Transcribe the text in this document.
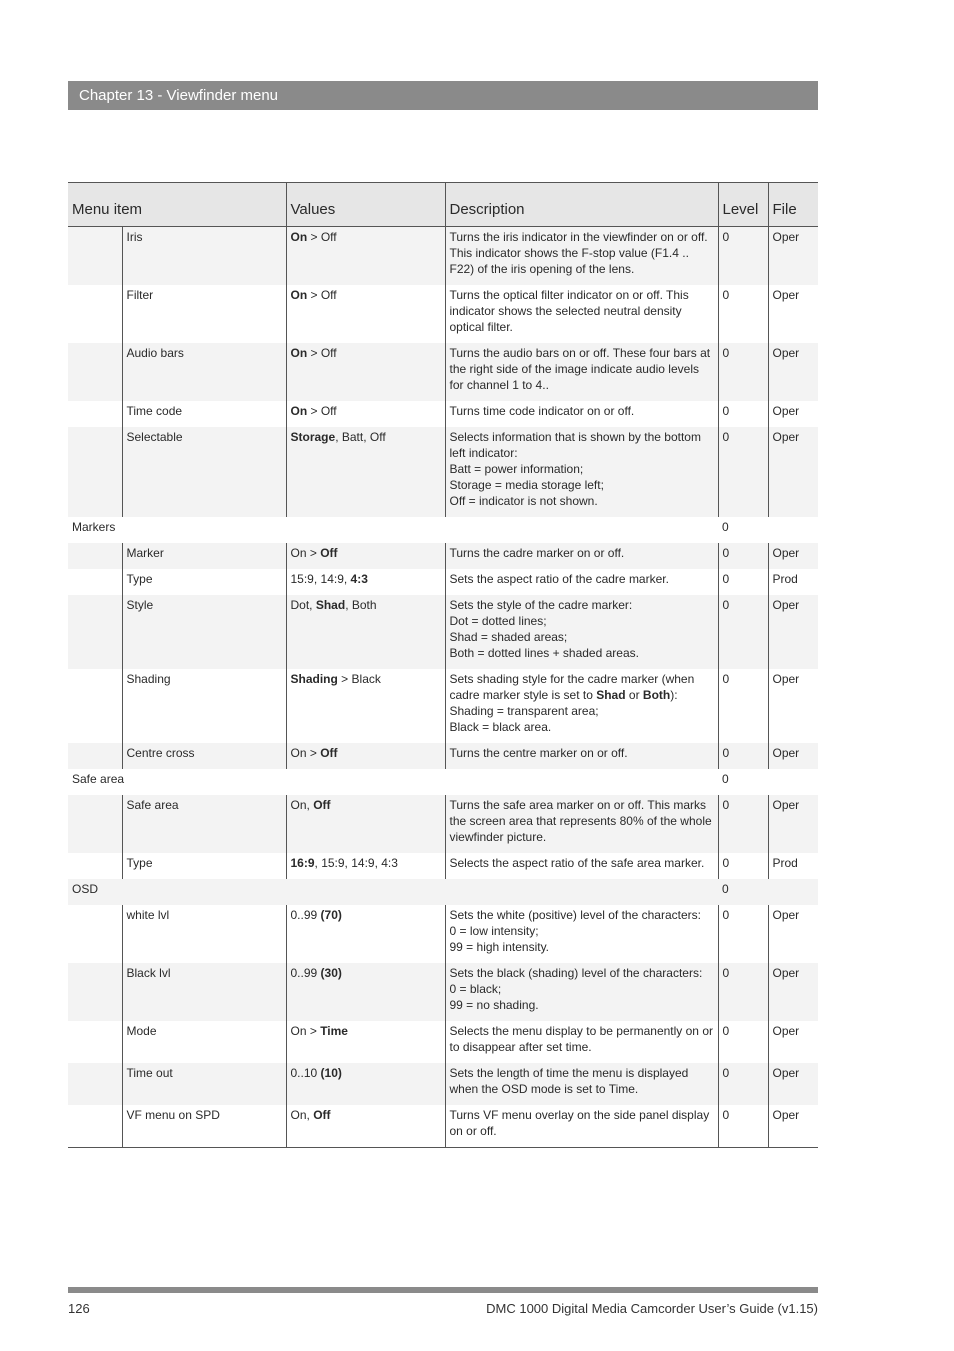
Chapter 13 - Viewfinder menu
Menu item		Values	Description	Level	File
	Iris	On > Off	Turns the iris indicator in the viewfinder on or off. This indicator shows the F-stop value (F1.4 .. F22) of the iris opening of the lens.	0	Oper
	Filter	On > Off	Turns the optical filter indicator on or off. This indicator shows the selected neutral density optical filter.	0	Oper
	Audio bars	On > Off	Turns the audio bars on or off. These four bars at the right side of the image indicate audio levels for channel 1 to 4..	0	Oper
	Time code	On > Off	Turns time code indicator on or off.	0	Oper
	Selectable	Storage, Batt, Off	Selects information that is shown by the bottom left indicator:
Batt = power information;
Storage = media storage left;
Off = indicator is not shown.	0	Oper
Markers				0	
	Marker	On > Off	Turns the cadre marker on or off.	0	Oper
	Type	15:9, 14:9, 4:3	Sets the aspect ratio of the cadre marker.	0	Prod
	Style	Dot, Shad, Both	Sets the style of the cadre marker:
Dot = dotted lines;
Shad = shaded areas;
Both = dotted lines + shaded areas.	0	Oper
	Shading	Shading > Black	Sets shading style for the cadre marker (when cadre marker style is set to Shad or Both):
Shading = transparent area;
Black = black area.	0	Oper
	Centre cross	On > Off	Turns the centre marker on or off.	0	Oper
Safe area				0	
	Safe area	On, Off	Turns the safe area marker on or off. This marks the screen area that represents 80% of the whole viewfinder picture.	0	Oper
	Type	16:9, 15:9, 14:9, 4:3	Selects the aspect ratio of the safe area marker.	0	Prod
OSD				0	
	white lvl	0..99 (70)	Sets the white (positive) level of the characters:
0 = low intensity;
99 = high intensity.	0	Oper
	Black lvl	0..99 (30)	Sets the black (shading) level of the characters:
0 = black;
99 = no shading.	0	Oper
	Mode	On > Time	Selects the menu display to be permanently on or to disappear after set time.	0	Oper
	Time out	0..10 (10)	Sets the length of time the menu is displayed when the OSD mode is set to Time.	0	Oper
	VF menu on SPD	On, Off	Turns VF menu overlay on the side panel display on or off.	0	Oper
126	DMC 1000 Digital Media Camcorder User’s Guide (v1.15)
